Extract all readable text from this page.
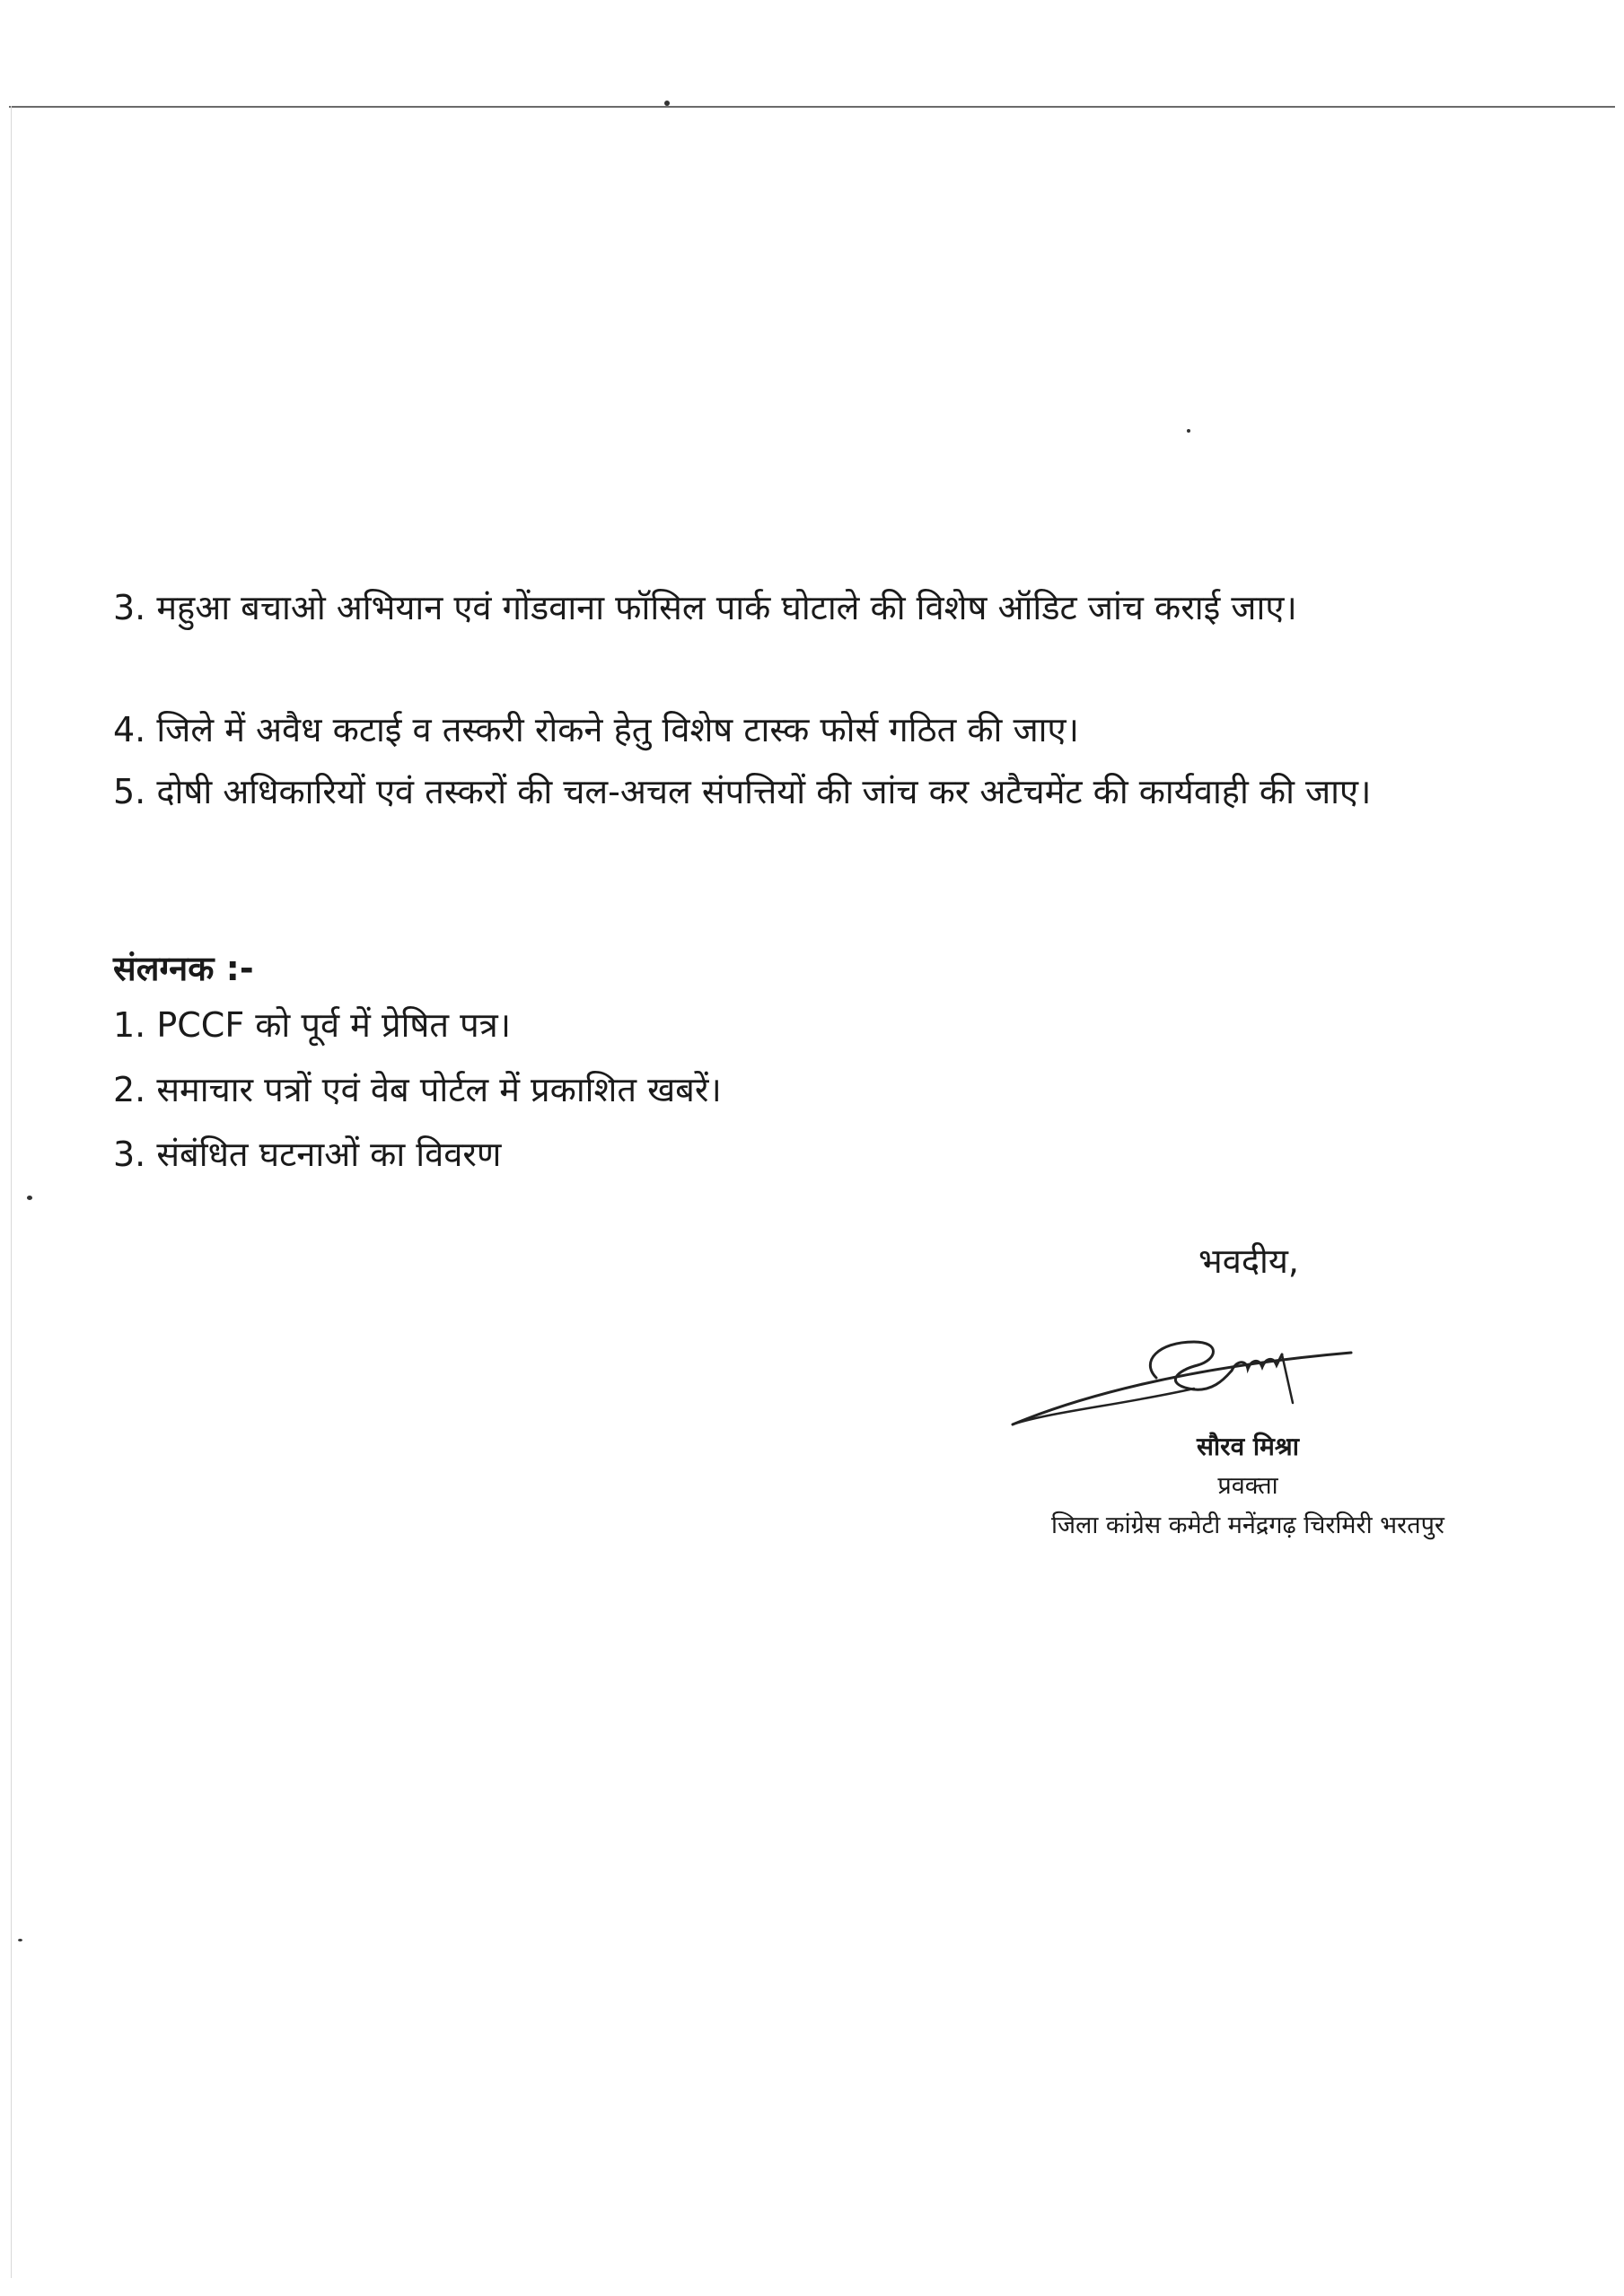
3. महुआ बचाओ अभियान एवं गोंडवाना फॉसिल पार्क घोटाले की विशेष ऑडिट जांच कराई जाए।
4. जिले में अवैध कटाई व तस्करी रोकने हेतु विशेष टास्क फोर्स गठित की जाए।
5. दोषी अधिकारियों एवं तस्करों की चल-अचल संपत्तियों की जांच कर अटैचमेंट की कार्यवाही की जाए।
संलग्नक :-
1. PCCF को पूर्व में प्रेषित पत्र।
2. समाचार पत्रों एवं वेब पोर्टल में प्रकाशित खबरें।
3. संबंधित घटनाओं का विवरण
भवदीय,
सौरव मिश्रा
प्रवक्ता
जिला कांग्रेस कमेटी मनेंद्रगढ़ चिरमिरी भरतपुर
